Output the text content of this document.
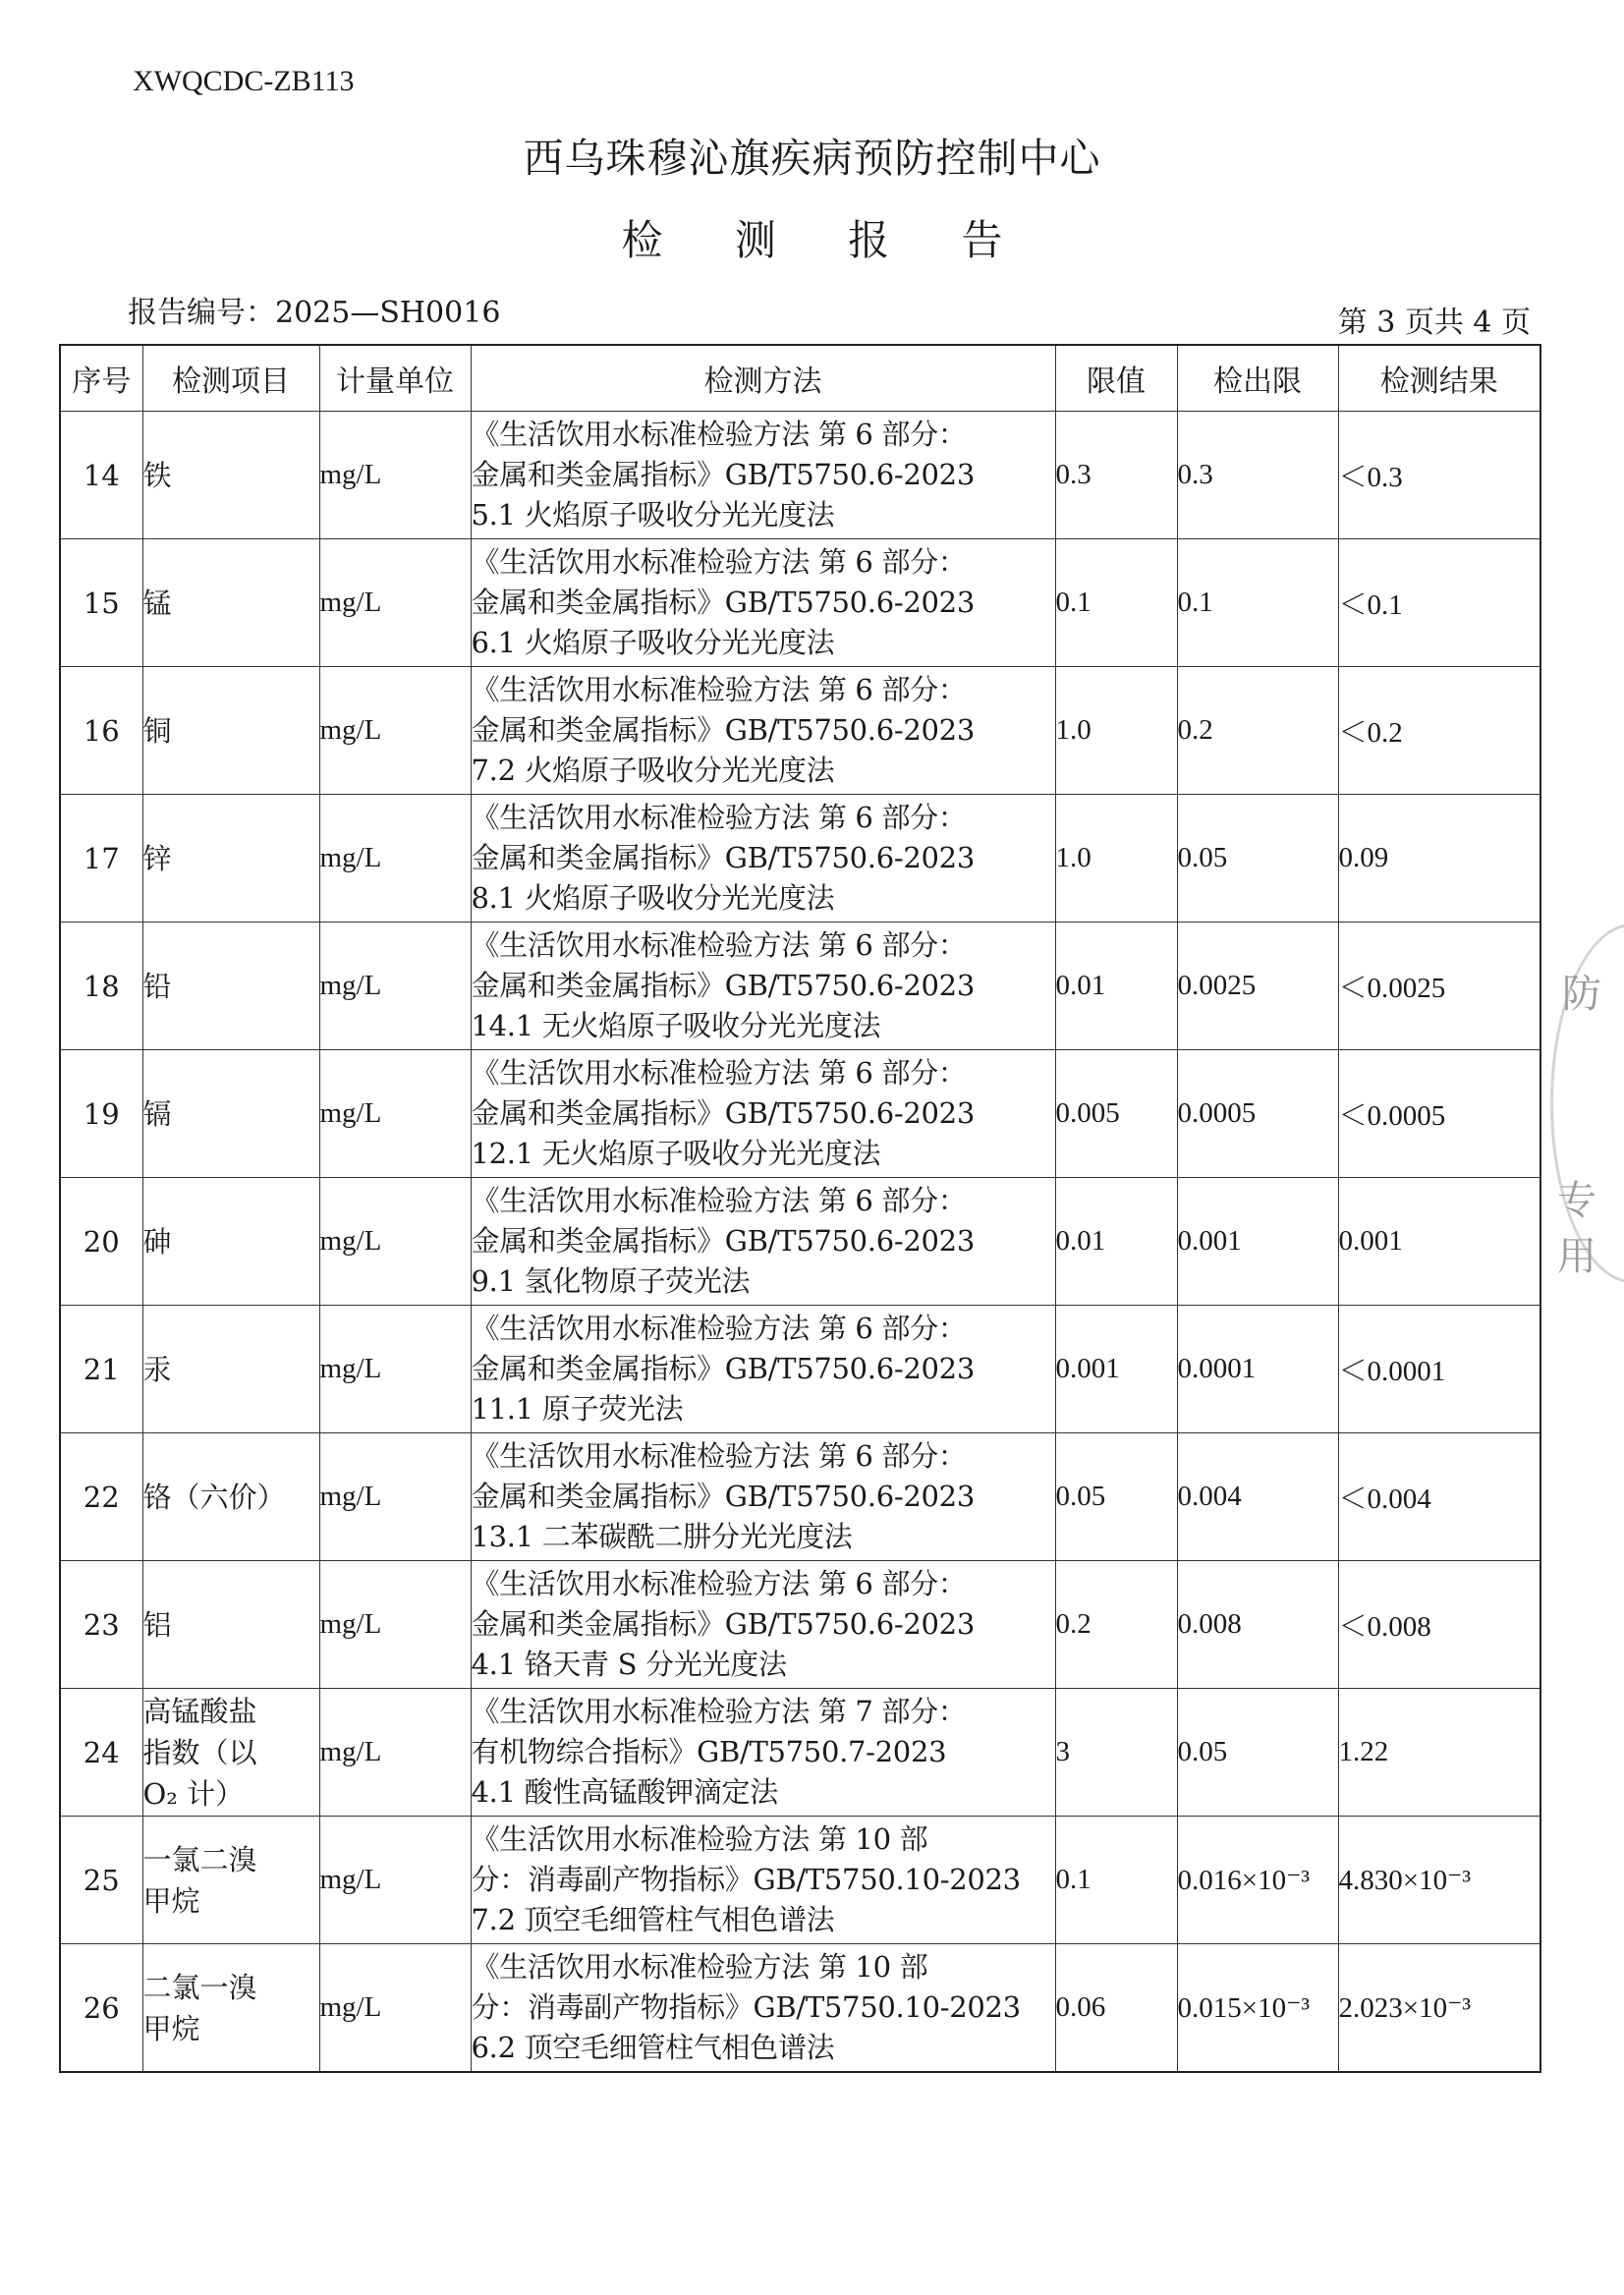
XWQCDC-ZB113
西乌珠穆沁旗疾病预防控制中心
检 测 报 告
报告编号：2025—SH0016	第 3 页共 4 页
序号	检测项目	计量单位	检测方法	限值	检出限	检测结果
14	铁	mg/L	《生活饮用水标准检验方法 第 6 部分：
金属和类金属指标》GB/T5750.6-2023
5.1 火焰原子吸收分光光度法	0.3	0.3	＜0.3
15	锰	mg/L	《生活饮用水标准检验方法 第 6 部分：
金属和类金属指标》GB/T5750.6-2023
6.1 火焰原子吸收分光光度法	0.1	0.1	＜0.1
16	铜	mg/L	《生活饮用水标准检验方法 第 6 部分：
金属和类金属指标》GB/T5750.6-2023
7.2 火焰原子吸收分光光度法	1.0	0.2	＜0.2
17	锌	mg/L	《生活饮用水标准检验方法 第 6 部分：
金属和类金属指标》GB/T5750.6-2023
8.1 火焰原子吸收分光光度法	1.0	0.05	0.09
18	铅	mg/L	《生活饮用水标准检验方法 第 6 部分：
金属和类金属指标》GB/T5750.6-2023
14.1 无火焰原子吸收分光光度法	0.01	0.0025	＜0.0025
19	镉	mg/L	《生活饮用水标准检验方法 第 6 部分：
金属和类金属指标》GB/T5750.6-2023
12.1 无火焰原子吸收分光光度法	0.005	0.0005	＜0.0005
20	砷	mg/L	《生活饮用水标准检验方法 第 6 部分：
金属和类金属指标》GB/T5750.6-2023
9.1 氢化物原子荧光法	0.01	0.001	0.001
21	汞	mg/L	《生活饮用水标准检验方法 第 6 部分：
金属和类金属指标》GB/T5750.6-2023
11.1 原子荧光法	0.001	0.0001	＜0.0001
22	铬（六价）	mg/L	《生活饮用水标准检验方法 第 6 部分：
金属和类金属指标》GB/T5750.6-2023
13.1 二苯碳酰二肼分光光度法	0.05	0.004	＜0.004
23	铝	mg/L	《生活饮用水标准检验方法 第 6 部分：
金属和类金属指标》GB/T5750.6-2023
4.1 铬天青 S 分光光度法	0.2	0.008	＜0.008
24	高锰酸盐
指数（以
O₂ 计）	mg/L	《生活饮用水标准检验方法 第 7 部分：
有机物综合指标》GB/T5750.7-2023
4.1 酸性高锰酸钾滴定法	3	0.05	1.22
25	一氯二溴
甲烷	mg/L	《生活饮用水标准检验方法 第 10 部
分：消毒副产物指标》GB/T5750.10-2023
7.2 顶空毛细管柱气相色谱法	0.1	0.016×10⁻³	4.830×10⁻³
26	二氯一溴
甲烷	mg/L	《生活饮用水标准检验方法 第 10 部
分：消毒副产物指标》GB/T5750.10-2023
6.2 顶空毛细管柱气相色谱法	0.06	0.015×10⁻³	2.023×10⁻³
防
专用
